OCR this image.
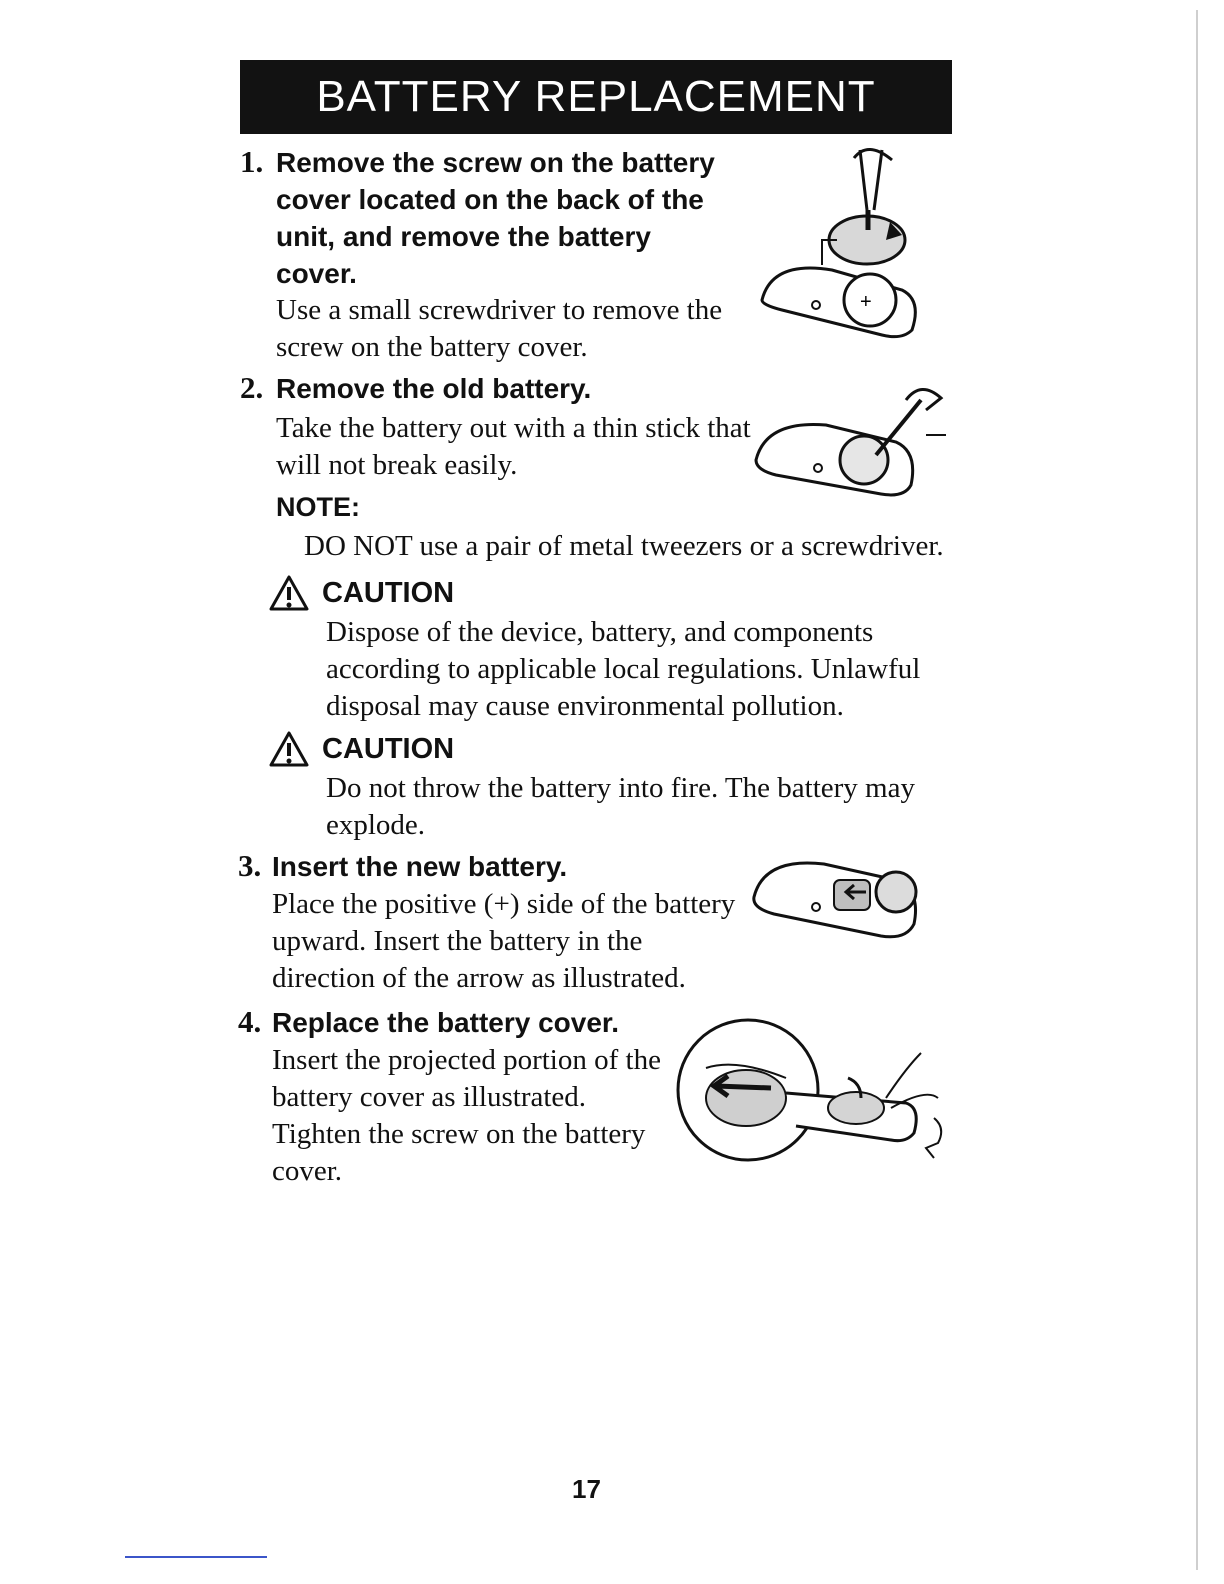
BATTERY REPLACEMENT
1. Remove the screw on the battery
cover located on the back of the
unit, and remove the battery
cover.
Use a small screwdriver to remove the
screw on the battery cover.
+
2. Remove the old battery.
Take the battery out with a thin stick that
will not break easily.
NOTE:
DO NOT use a pair of metal tweezers or a screwdriver.
CAUTION
Dispose of the device, battery, and components
according to applicable local regulations. Unlawful
disposal may cause environmental pollution.
CAUTION
Do not throw the battery into fire. The battery may
explode.
3. Insert the new battery.
Place the positive (+) side of the battery
upward. Insert the battery in the
direction of the arrow as illustrated.
4. Replace the battery cover.
Insert the projected portion of the
battery cover as illustrated.
Tighten the screw on the battery
cover.
17
